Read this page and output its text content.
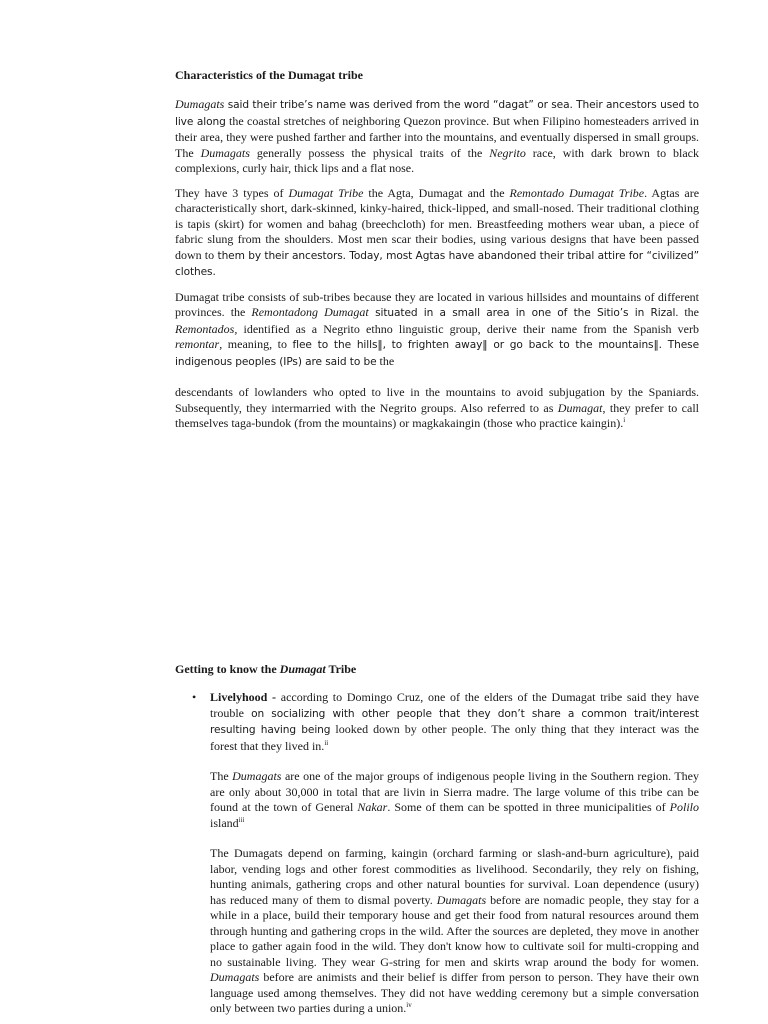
Characteristics of the Dumagat tribe

Dumagats said their tribe’s name was derived from the word “dagat” or sea. Their ancestors used to live along the coastal stretches of neighboring Quezon province. But when Filipino homesteaders arrived in their area, they were pushed farther and farther into the mountains, and eventually dispersed in small groups. The Dumagats generally possess the physical traits of the Negrito race, with dark brown to black complexions, curly hair, thick lips and a flat nose.

They have 3 types of Dumagat Tribe the Agta, Dumagat and the Remontado Dumagat Tribe. Agtas are characteristically short, dark-skinned, kinky-haired, thick-lipped, and small-nosed. Their traditional clothing is tapis (skirt) for women and bahag (breechcloth) for men. Breastfeeding mothers wear uban, a piece of fabric slung from the shoulders. Most men scar their bodies, using various designs that have been passed down to them by their ancestors. Today, most Agtas have abandoned their tribal attire for “civilized” clothes.

Dumagat tribe consists of sub-tribes because they are located in various hillsides and mountains of different provinces. the Remontadong Dumagat situated in a small area in one of the Sitio’s in Rizal. the Remontados, identified as a Negrito ethno linguistic group, derive their name from the Spanish verb remontar, meaning, to flee to the hills‖, to frighten away‖ or go back to the mountains‖. These indigenous peoples (IPs) are said to be the

descendants of lowlanders who opted to live in the mountains to avoid subjugation by the Spaniards. Subsequently, they intermarried with the Negrito groups. Also referred to as Dumagat, they prefer to call themselves taga-bundok (from the mountains) or magkakaingin (those who practice kaingin).$^i$

Getting to know the Dumagat Tribe
• Livelyhood - according to Domingo Cruz, one of the elders of the Dumagat tribe said they have trouble on socializing with other people that they don’t share a common trait/interest resulting having being looked down by other people. The only thing that they interact was the forest that they lived in.$^{ii}$

The Dumagats are one of the major groups of indigenous people living in the Southern region. They are only about 30,000 in total that are livin in Sierra madre. The large volume of this tribe can be found at the town of General Nakar. Some of them can be spotted in three municipalities of Polilo island$^{iii}$

The Dumagats depend on farming, kaingin (orchard farming or slash-and-burn agriculture), paid labor, vending logs and other forest commodities as livelihood. Secondarily, they rely on fishing, hunting animals, gathering crops and other natural bounties for survival. Loan dependence (usury) has reduced many of them to dismal poverty. Dumagats before are nomadic people, they stay for a while in a place, build their temporary house and get their food from natural resources around them through hunting and gathering crops in the wild. After the sources are depleted, they move in another place to gather again food in the wild. They don't know how to cultivate soil for multi-cropping and no sustainable living. They wear G-string for men and skirts wrap around the body for women. Dumagats before are animists and their belief is differ from person to person. They have their own language used among themselves. They did not have wedding ceremony but a simple conversation only between two parties during a union.$^{iv}$
